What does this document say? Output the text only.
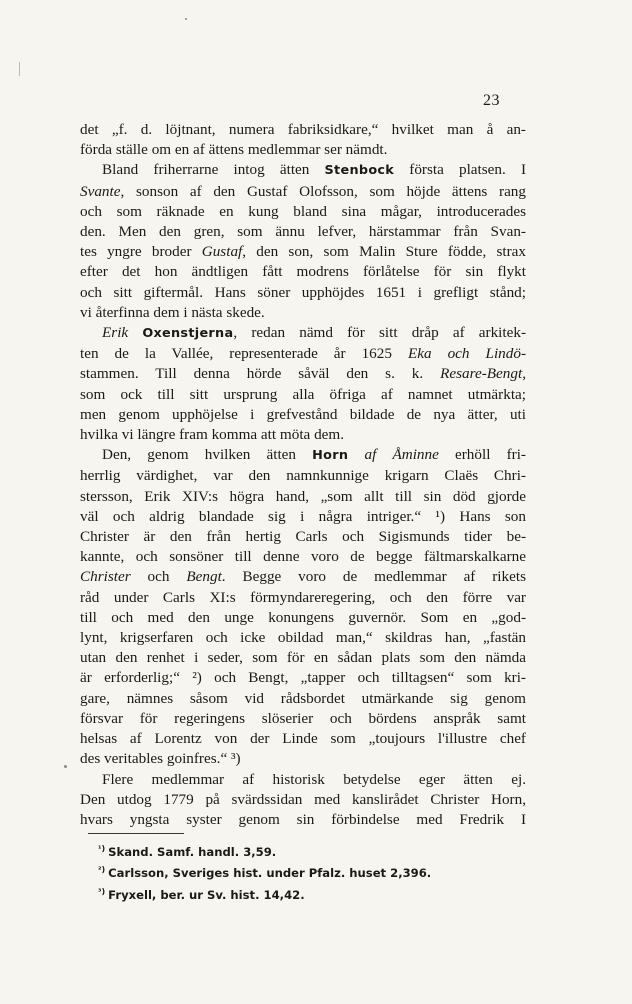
23
det „f. d. löjtnant, numera fabriksidkare,“ hvilket man å an-
förda ställe om en af ättens medlemmar ser nämdt.
Bland friherrarne intog ätten Stenbock första platsen. I
Svante, sonson af den Gustaf Olofsson, som höjde ättens rang
och som räknade en kung bland sina mågar, introducerades
den. Men den gren, som ännu lefver, härstammar från Svan-
tes yngre broder Gustaf, den son, som Malin Sture födde, strax
efter det hon ändtligen fått modrens förlåtelse för sin flykt
och sitt giftermål. Hans söner upphöjdes 1651 i grefligt stånd;
vi återfinna dem i nästa skede.
Erik Oxenstjerna, redan nämd för sitt dråp af arkitek-
ten de la Vallée, representerade år 1625 Eka och Lindö-
stammen. Till denna hörde såväl den s. k. Resare-Bengt,
som ock till sitt ursprung alla öfriga af namnet utmärkta;
men genom upphöjelse i grefvestånd bildade de nya ätter, uti
hvilka vi längre fram komma att möta dem.
Den, genom hvilken ätten Horn af Åminne erhöll fri-
herrlig värdighet, var den namnkunnige krigarn Claës Chri-
stersson, Erik XIV:s högra hand, „som allt till sin död gjorde
väl och aldrig blandade sig i några intriger.“ ¹) Hans son
Christer är den från hertig Carls och Sigismunds tider be-
kannte, och sonsöner till denne voro de begge fältmarskalkarne
Christer och Bengt. Begge voro de medlemmar af rikets
råd under Carls XI:s förmyndareregering, och den förre var
till och med den unge konungens guvernör. Som en „god-
lynt, krigserfaren och icke obildad man,“ skildras han, „fastän
utan den renhet i seder, som för en sådan plats som den nämda
är erforderlig;“ ²) och Bengt, „tapper och tilltagsen“ som kri-
gare, nämnes såsom vid rådsbordet utmärkande sig genom
försvar för regeringens slöserier och bördens anspråk samt
helsas af Lorentz von der Linde som „toujours l'illustre chef
des veritables goinfres.“ ³)
Flere medlemmar af historisk betydelse eger ätten ej.
Den utdog 1779 på svärdssidan med kanslirådet Christer Horn,
hvars yngsta syster genom sin förbindelse med Fredrik I
$^{^1)}$ Skand. Samf. handl. 3,59.
$^{^2)}$ Carlsson, Sveriges hist. under Pfalz. huset 2,396.
$^{^3)}$ Fryxell, ber. ur Sv. hist. 14,42.
